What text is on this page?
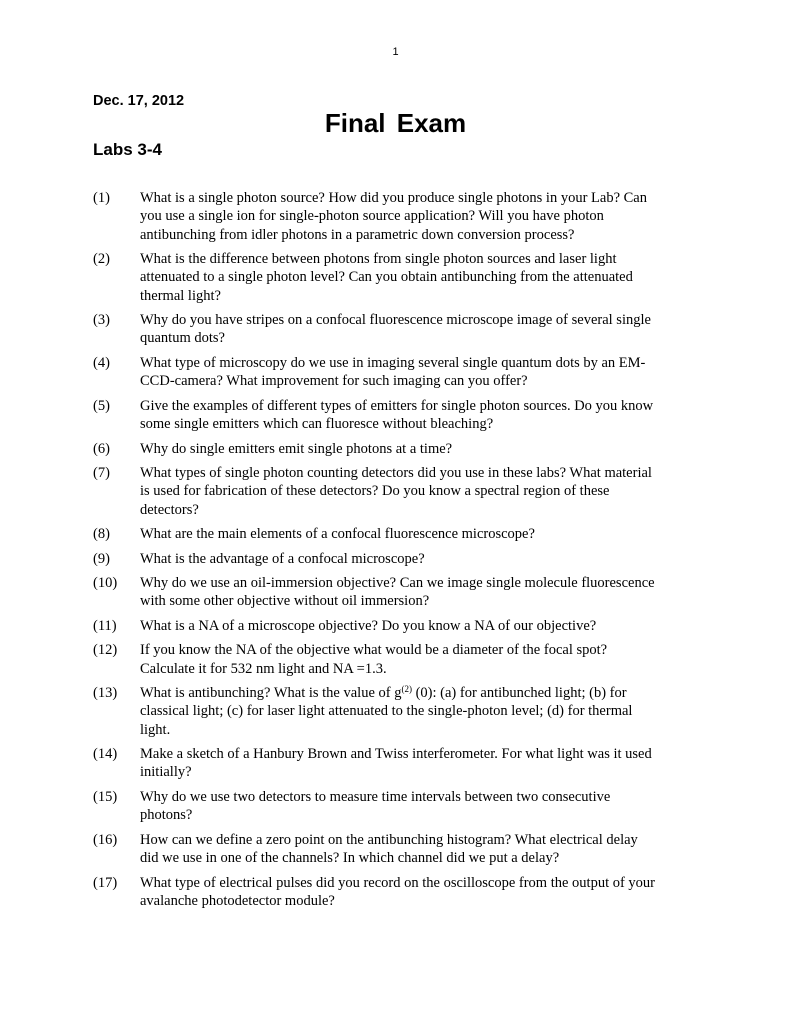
1
Dec. 17, 2012
Final Exam
Labs 3-4
(1)	What is a single photon source? How did you produce single photons in your Lab? Can
you use a single ion for single-photon source application? Will you have photon
antibunching from idler photons in a parametric down conversion process?
(2)	What is the difference between photons from single photon sources and laser light
attenuated to a single photon level? Can you obtain antibunching from the attenuated
thermal light?
(3)	Why do you have stripes on a confocal fluorescence microscope image of several single
quantum dots?
(4)	What type of microscopy do we use in imaging several single quantum dots by an EM-
CCD-camera? What improvement for such imaging can you offer?
(5)	Give the examples of different types of emitters for single photon sources. Do you know
some single emitters which can fluoresce without bleaching?
(6)	Why do single emitters emit single photons at a time?
(7)	What types of single photon counting detectors did you use in these labs? What material
is used for fabrication of these detectors? Do you know a spectral region of these
detectors?
(8)	What are the main elements of a confocal fluorescence microscope?
(9)	What is the advantage of a confocal microscope?
(10)	Why do we use an oil-immersion objective? Can we image single molecule fluorescence
with some other objective without oil immersion?
(11)	What is a NA of a microscope objective? Do you know a NA of our objective?
(12)	If you know the NA of the objective what would be a diameter of the focal spot?
Calculate it for 532 nm light and NA =1.3.
(13)	What is antibunching? What is the value of $g^{(2)}$ (0): (a) for antibunched light; (b) for
classical light; (c) for laser light attenuated to the single-photon level; (d) for thermal
light.
(14)	Make a sketch of a Hanbury Brown and Twiss interferometer. For what light was it used
initially?
(15)	Why do we use two detectors to measure time intervals between two consecutive
photons?
(16)	How can we define a zero point on the antibunching histogram? What electrical delay
did we use in one of the channels? In which channel did we put a delay?
(17)	What type of electrical pulses did you record on the oscilloscope from the output of your
avalanche photodetector module?
